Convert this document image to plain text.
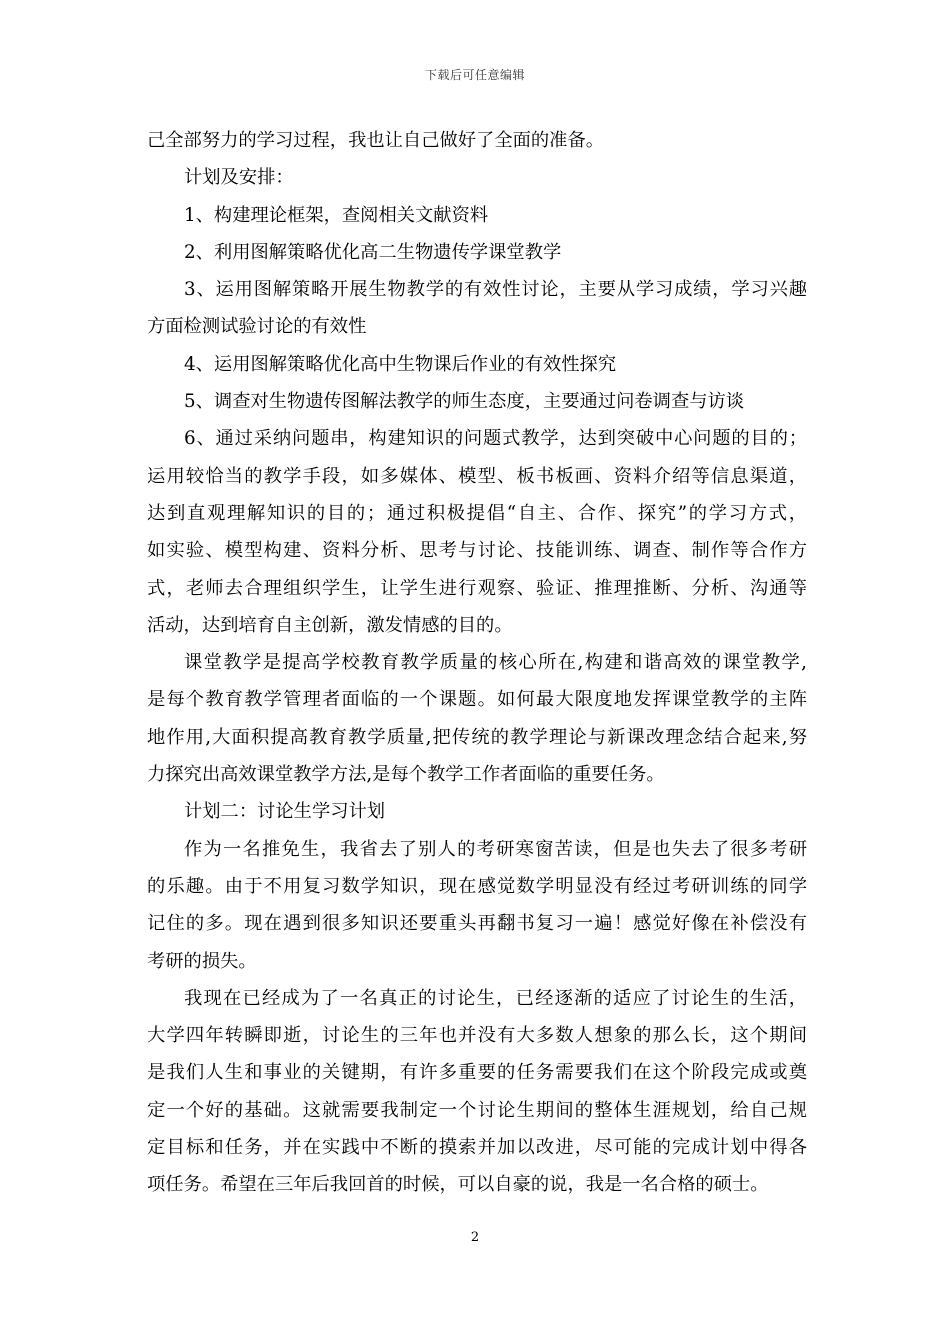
下载后可任意编辑
己全部努力的学习过程，我也让自己做好了全面的准备。
计划及安排：
1、构建理论框架，查阅相关文献资料
2、利用图解策略优化高二生物遗传学课堂教学
3、运用图解策略开展生物教学的有效性讨论，主要从学习成绩，学习兴趣
方面检测试验讨论的有效性
4、运用图解策略优化高中生物课后作业的有效性探究
5、调查对生物遗传图解法教学的师生态度，主要通过问卷调查与访谈
6、通过采纳问题串，构建知识的问题式教学，达到突破中心问题的目的；
运用较恰当的教学手段，如多媒体、模型、板书板画、资料介绍等信息渠道，
达到直观理解知识的目的；通过积极提倡“自主、合作、探究”的学习方式，
如实验、模型构建、资料分析、思考与讨论、技能训练、调查、制作等合作方
式，老师去合理组织学生，让学生进行观察、验证、推理推断、分析、沟通等
活动，达到培育自主创新，激发情感的目的。
课堂教学是提高学校教育教学质量的核心所在,构建和谐高效的课堂教学,
是每个教育教学管理者面临的一个课题。如何最大限度地发挥课堂教学的主阵
地作用,大面积提高教育教学质量,把传统的教学理论与新课改理念结合起来,努
力探究出高效课堂教学方法,是每个教学工作者面临的重要任务。
计划二：讨论生学习计划
作为一名推免生，我省去了别人的考研寒窗苦读，但是也失去了很多考研
的乐趣。由于不用复习数学知识，现在感觉数学明显没有经过考研训练的同学
记住的多。现在遇到很多知识还要重头再翻书复习一遍！感觉好像在补偿没有
考研的损失。
我现在已经成为了一名真正的讨论生，已经逐渐的适应了讨论生的生活，
大学四年转瞬即逝，讨论生的三年也并没有大多数人想象的那么长，这个期间
是我们人生和事业的关键期，有许多重要的任务需要我们在这个阶段完成或奠
定一个好的基础。这就需要我制定一个讨论生期间的整体生涯规划，给自己规
定目标和任务，并在实践中不断的摸索并加以改进，尽可能的完成计划中得各
项任务。希望在三年后我回首的时候，可以自豪的说，我是一名合格的硕士。
2
